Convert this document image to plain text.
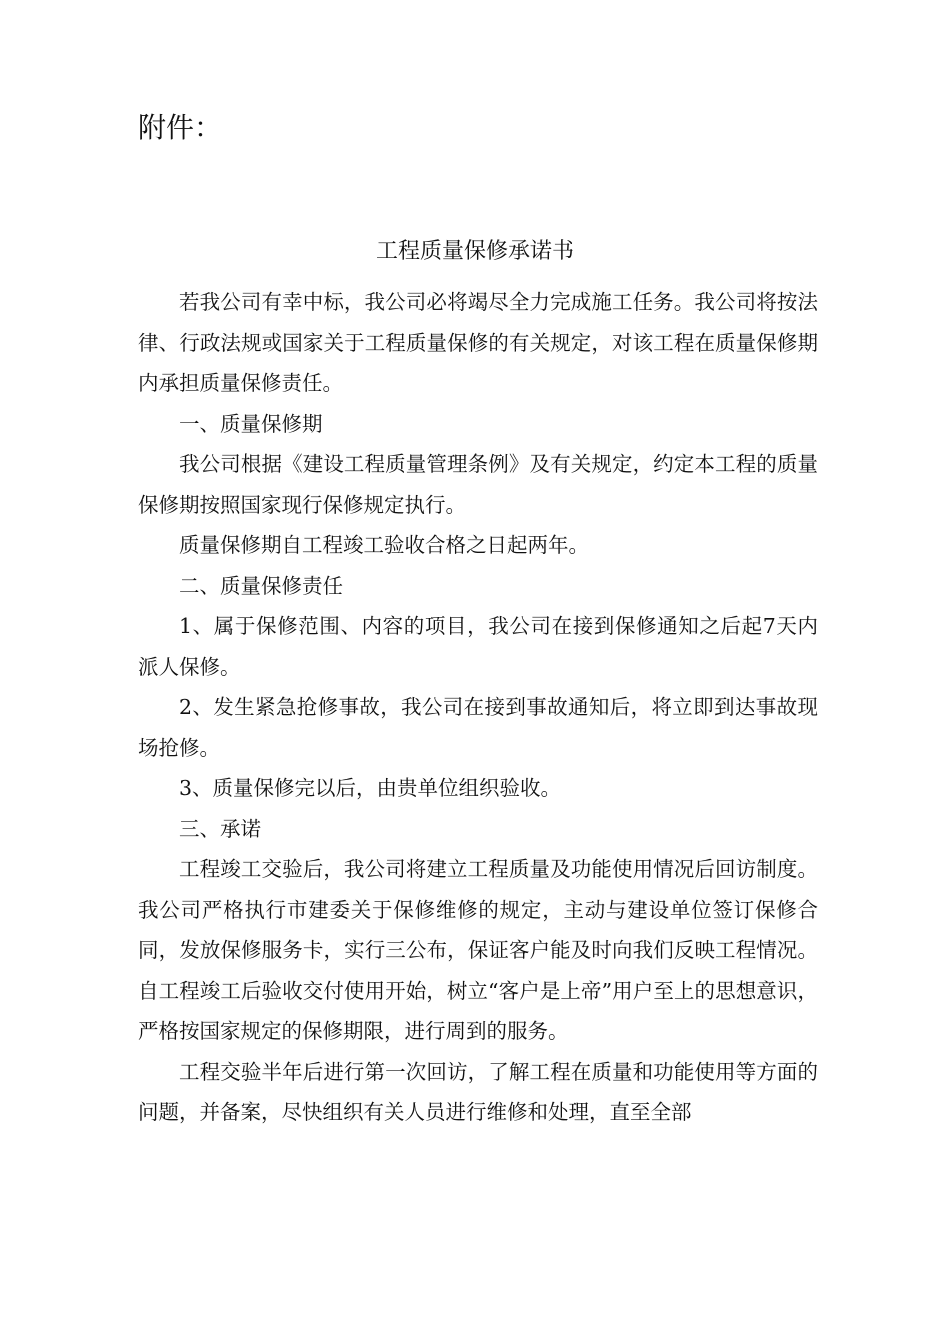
附件：
工程质量保修承诺书

若我公司有幸中标，我公司必将竭尽全力完成施工任务。我公司将按法律、行政法规或国家关于工程质量保修的有关规定，对该工程在质量保修期内承担质量保修责任。

一、质量保修期

我公司根据《建设工程质量管理条例》及有关规定，约定本工程的质量保修期按照国家现行保修规定执行。

质量保修期自工程竣工验收合格之日起两年。

二、质量保修责任

1、属于保修范围、内容的项目，我公司在接到保修通知之后起7天内派人保修。

2、发生紧急抢修事故，我公司在接到事故通知后，将立即到达事故现场抢修。

3、质量保修完以后，由贵单位组织验收。

三、承诺

工程竣工交验后，我公司将建立工程质量及功能使用情况后回访制度。我公司严格执行市建委关于保修维修的规定，主动与建设单位签订保修合同，发放保修服务卡，实行三公布，保证客户能及时向我们反映工程情况。自工程竣工后验收交付使用开始，树立“客户是上帝”用户至上的思想意识，严格按国家规定的保修期限，进行周到的服务。

工程交验半年后进行第一次回访，了解工程在质量和功能使用等方面的问题，并备案，尽快组织有关人员进行维修和处理，直至全部
